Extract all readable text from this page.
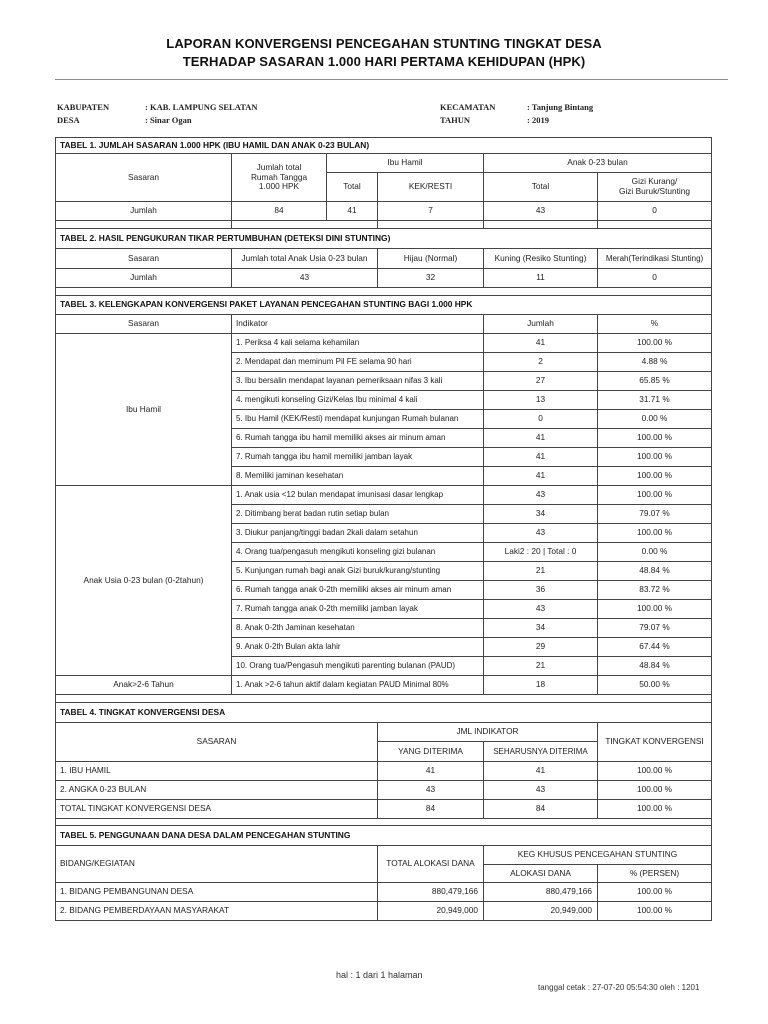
LAPORAN KONVERGENSI PENCEGAHAN STUNTING TINGKAT DESA
TERHADAP SASARAN 1.000 HARI PERTAMA KEHIDUPAN (HPK)
KABUPATEN	: KAB. LAMPUNG SELATAN
DESA	: Sinar Ogan
KECAMATAN	: Tanjung Bintang
TAHUN	: 2019
TABEL 1. JUMLAH SASARAN 1.000 HPK (IBU HAMIL DAN ANAK 0-23 BULAN)
Sasaran
Jumlah total
Rumah Tangga
1.000 HPK
Ibu Hamil	Anak 0-23 bulan
Total	KEK/RESTI	Total	Gizi Kurang/
Gizi Buruk/Stunting
Jumlah	84	41	7	43	0
TABEL 2. HASIL PENGUKURAN TIKAR PERTUMBUHAN (DETEKSI DINI STUNTING)
Sasaran	Jumlah total Anak Usia 0-23 bulan	Hijau (Normal)	Kuning (Resiko Stunting)	Merah(Terindikasi Stunting)
Jumlah	43	32	11	0
TABEL 3. KELENGKAPAN KONVERGENSI PAKET LAYANAN PENCEGAHAN STUNTING BAGI 1.000 HPK
Sasaran	Indikator	Jumlah	%
Ibu Hamil
1. Periksa 4 kali selama kehamilan	41	100.00 %
2. Mendapat dan meminum Pil FE selama 90 hari	2	4.88 %
3. Ibu bersalin mendapat layanan pemeriksaan nifas 3 kali	27	65.85 %
4. mengikuti konseling Gizi/Kelas Ibu minimal 4 kali	13	31.71 %
5. Ibu Hamil (KEK/Resti) mendapat kunjungan Rumah bulanan	0	0.00 %
6. Rumah tangga ibu hamil memiliki akses air minum aman	41	100.00 %
7. Rumah tangga ibu hamil memiliki jamban layak	41	100.00 %
8. Memiliki jaminan kesehatan	41	100.00 %
Anak Usia 0-23 bulan (0-2tahun)
1. Anak usia <12 bulan mendapat imunisasi dasar lengkap	43	100.00 %
2. Ditimbang berat badan rutin setiap bulan	34	79.07 %
3. Diukur panjang/tinggi badan 2kali dalam setahun	43	100.00 %
4. Orang tua/pengasuh mengikuti konseling gizi bulanan	Laki2 : 20 | Total : 0	0.00 %
5. Kunjungan rumah bagi anak Gizi buruk/kurang/stunting	21	48.84 %
6. Rumah tangga anak 0-2th memiliki akses air minum aman	36	83.72 %
7. Rumah tangga anak 0-2th memiliki jamban layak	43	100.00 %
8. Anak 0-2th Jaminan kesehatan	34	79.07 %
9. Anak 0-2th Bulan akta lahir	29	67.44 %
10. Orang tua/Pengasuh mengikuti parenting bulanan (PAUD)	21	48.84 %
Anak>2-6 Tahun	1. Anak >2-6 tahun aktif dalam kegiatan PAUD Minimal 80%	18	50.00 %
TABEL 4. TINGKAT KONVERGENSI DESA
SASARAN
JML INDIKATOR
YANG DITERIMA	SEHARUSNYA DITERIMA
TINGKAT KONVERGENSI
1. IBU HAMIL	41	41	100.00 %
2. ANGKA 0-23 BULAN	43	43	100.00 %
TOTAL TINGKAT KONVERGENSI DESA	84	84	100.00 %
TABEL 5. PENGGUNAAN DANA DESA DALAM PENCEGAHAN STUNTING
BIDANG/KEGIATAN	TOTAL ALOKASI DANA
KEG KHUSUS PENCEGAHAN STUNTING
ALOKASI DANA	% (PERSEN)
1. BIDANG PEMBANGUNAN DESA	880,479,166	880,479,166	100.00 %
2. BIDANG PEMBERDAYAAN MASYARAKAT	20,949,000	20,949,000	100.00 %
hal : 1 dari 1 halaman
tanggal cetak : 27-07-20 05:54:30 oleh : 1201
